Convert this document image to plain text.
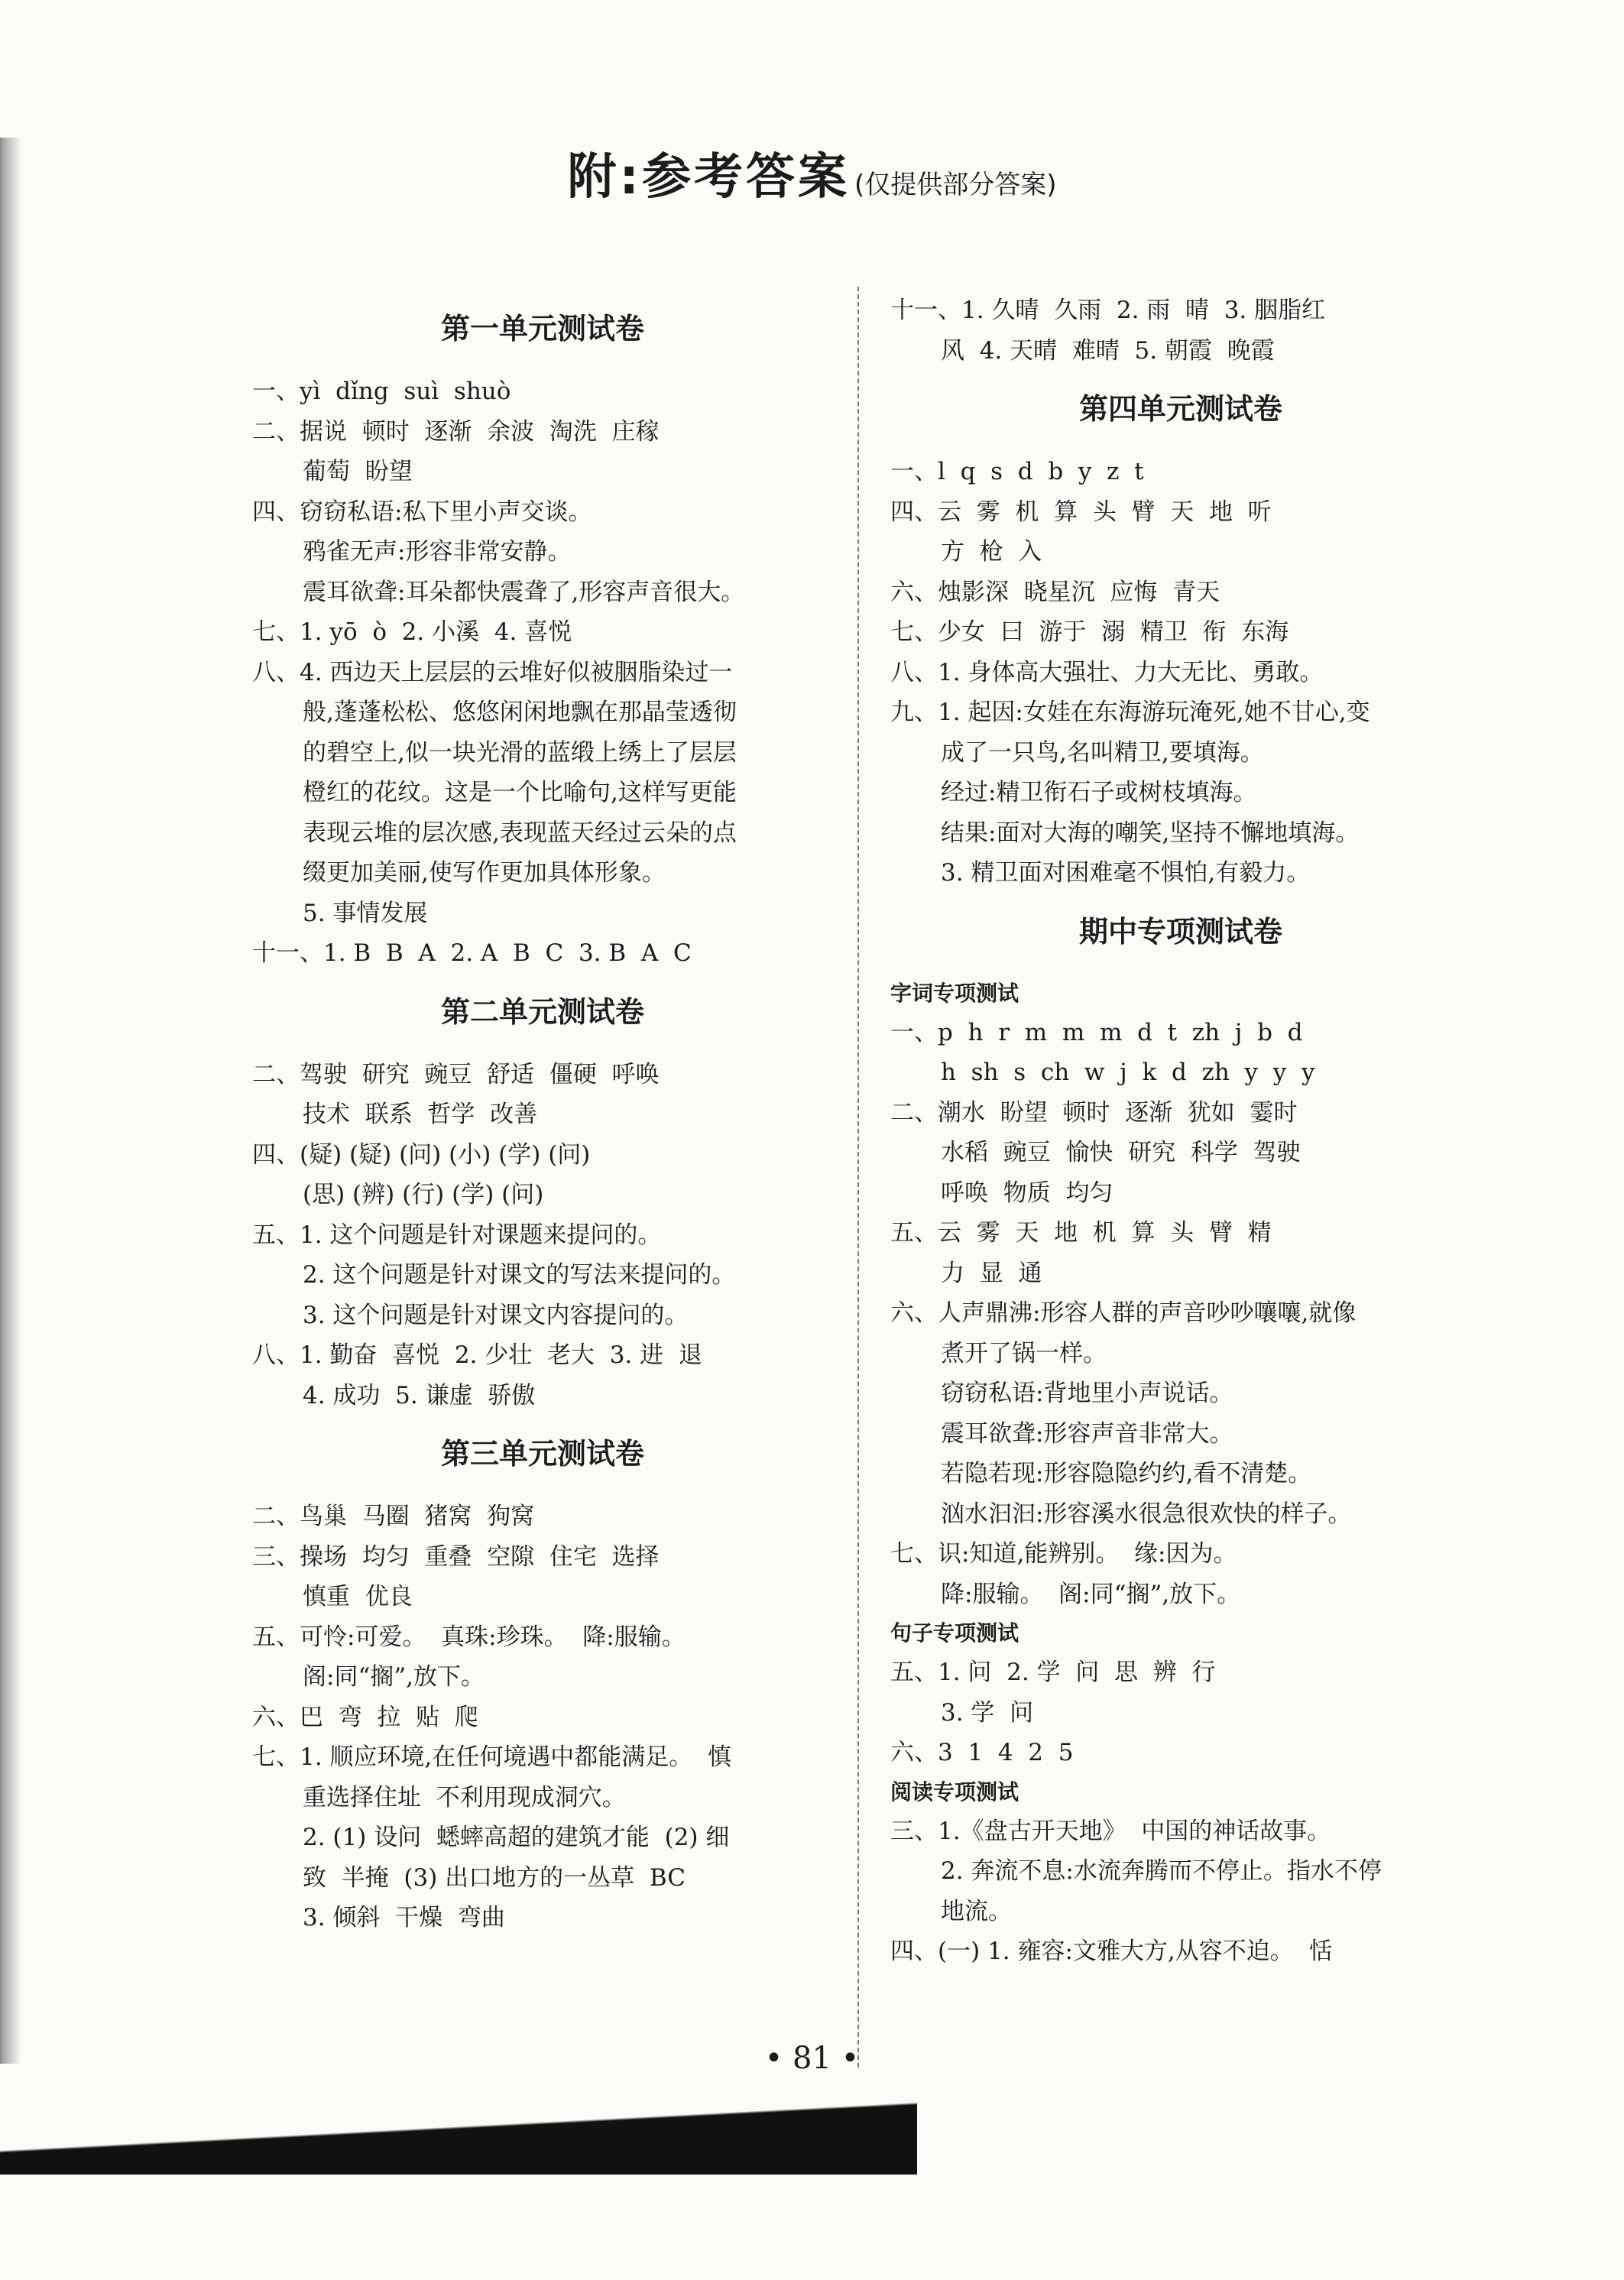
附:参考答案 (仅提供部分答案)
第一单元测试卷
一、yì  dǐng  suì  shuò
二、据说  顿时  逐渐  余波  淘洗  庄稼
葡萄  盼望
四、窃窃私语:私下里小声交谈。
鸦雀无声:形容非常安静。
震耳欲聋:耳朵都快震聋了,形容声音很大。
七、1. yō  ò  2. 小溪  4. 喜悦
八、4. 西边天上层层的云堆好似被胭脂染过一
般,蓬蓬松松、悠悠闲闲地飘在那晶莹透彻
的碧空上,似一块光滑的蓝缎上绣上了层层
橙红的花纹。这是一个比喻句,这样写更能
表现云堆的层次感,表现蓝天经过云朵的点
缀更加美丽,使写作更加具体形象。
5. 事情发展
十一、1. B  B  A  2. A  B  C  3. B  A  C
第二单元测试卷
二、驾驶  研究  豌豆  舒适  僵硬  呼唤
技术  联系  哲学  改善
四、(疑) (疑) (问) (小) (学) (问)
(思) (辨) (行) (学) (问)
五、1. 这个问题是针对课题来提问的。
2. 这个问题是针对课文的写法来提问的。
3. 这个问题是针对课文内容提问的。
八、1. 勤奋  喜悦  2. 少壮  老大  3. 进  退
4. 成功  5. 谦虚  骄傲
第三单元测试卷
二、鸟巢  马圈  猪窝  狗窝
三、操场  均匀  重叠  空隙  住宅  选择
慎重  优良
五、可怜:可爱。  真珠:珍珠。  降:服输。
阁:同“搁”,放下。
六、巴  弯  拉  贴  爬
七、1. 顺应环境,在任何境遇中都能满足。  慎
重选择住址  不利用现成洞穴。
2. (1) 设问  蟋蟀高超的建筑才能  (2) 细
致  半掩  (3) 出口地方的一丛草  BC
3. 倾斜  干燥  弯曲
十一、1. 久晴  久雨  2. 雨  晴  3. 胭脂红
风  4. 天晴  难晴  5. 朝霞  晚霞
第四单元测试卷
一、l  q  s  d  b  y  z  t
四、云  雾  机  算  头  臂  天  地  听
方  枪  入
六、烛影深  晓星沉  应悔  青天
七、少女  曰  游于  溺  精卫  衔  东海
八、1. 身体高大强壮、力大无比、勇敢。
九、1. 起因:女娃在东海游玩淹死,她不甘心,变
成了一只鸟,名叫精卫,要填海。
经过:精卫衔石子或树枝填海。
结果:面对大海的嘲笑,坚持不懈地填海。
3. 精卫面对困难毫不惧怕,有毅力。
期中专项测试卷
字词专项测试
一、p  h  r  m  m  m  d  t  zh  j  b  d
h  sh  s  ch  w  j  k  d  zh  y  y  y
二、潮水  盼望  顿时  逐渐  犹如  霎时
水稻  豌豆  愉快  研究  科学  驾驶
呼唤  物质  均匀
五、云  雾  天  地  机  算  头  臂  精
力  显  通
六、人声鼎沸:形容人群的声音吵吵嚷嚷,就像
煮开了锅一样。
窃窃私语:背地里小声说话。
震耳欲聋:形容声音非常大。
若隐若现:形容隐隐约约,看不清楚。
汹水汩汩:形容溪水很急很欢快的样子。
七、识:知道,能辨别。  缘:因为。
降:服输。  阁:同“搁”,放下。
句子专项测试
五、1. 问  2. 学  问  思  辨  行
3. 学  问
六、3  1  4  2  5
阅读专项测试
三、1.《盘古开天地》  中国的神话故事。
2. 奔流不息:水流奔腾而不停止。指水不停
地流。
四、(一) 1. 雍容:文雅大方,从容不迫。  恬
• 81 •
